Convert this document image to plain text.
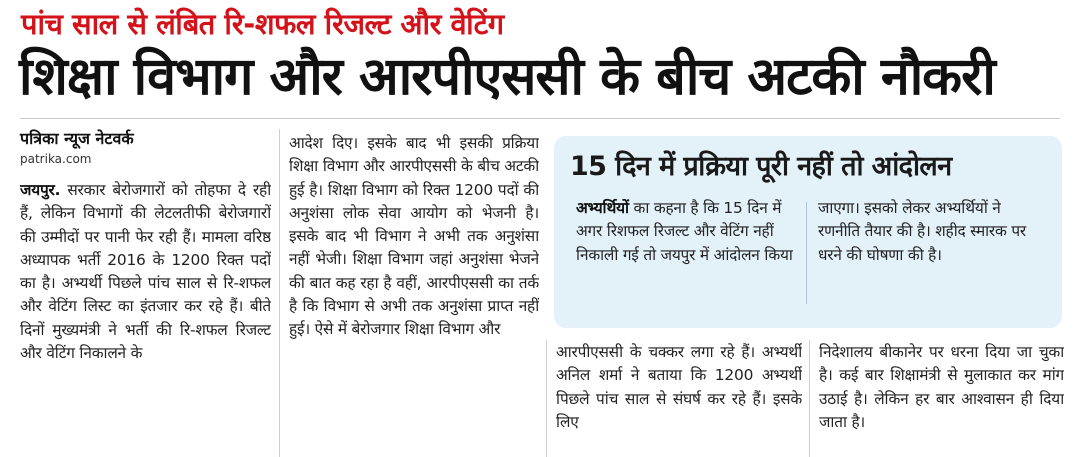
पांच साल से लंबित रि-शफल रिजल्ट और वेटिंग
शिक्षा विभाग और आरपीएससी के बीच अटकी नौकरी
पत्रिका न्यूज नेटवर्क
patrika.com
जयपुर. सरकार बेरोजगारों को तोहफा दे रही हैं, लेकिन विभागों की लेटलतीफी बेरोजगारों की उम्मीदों पर पानी फेर रही हैं। मामला वरिष्ठ अध्यापक भर्ती 2016 के 1200 रिक्त पदों का है। अभ्यर्थी पिछले पांच साल से रि-शफल और वेटिंग लिस्ट का इंतजार कर रहे हैं। बीते दिनों मुख्यमंत्री ने भर्ती की रि-शफल रिजल्ट और वेटिंग निकालने के
आदेश दिए। इसके बाद भी इसकी प्रक्रिया शिक्षा विभाग और आरपीएससी के बीच अटकी हुई है। शिक्षा विभाग को रिक्त 1200 पदों की अनुशंसा लोक सेवा आयोग को भेजनी है। इसके बाद भी विभाग ने अभी तक अनुशंसा नहीं भेजी। शिक्षा विभाग जहां अनुशंसा भेजने की बात कह रहा है वहीं, आरपीएससी का तर्क है कि विभाग से अभी तक अनुशंसा प्राप्त नहीं हुई। ऐसे में बेरोजगार शिक्षा विभाग और
15 दिन में प्रक्रिया पूरी नहीं तो आंदोलन
अभ्यर्थियों का कहना है कि 15 दिन में अगर रिशफल रिजल्ट और वेटिंग नहीं निकाली गई तो जयपुर में आंदोलन किया
जाएगा। इसको लेकर अभ्यर्थियों ने रणनीति तैयार की है। शहीद स्मारक पर धरने की घोषणा की है।
आरपीएससी के चक्कर लगा रहे हैं। अभ्यर्थी अनिल शर्मा ने बताया कि 1200 अभ्यर्थी पिछले पांच साल से संघर्ष कर रहे हैं। इसके लिए
निदेशालय बीकानेर पर धरना दिया जा चुका है। कई बार शिक्षामंत्री से मुलाकात कर मांग उठाई है। लेकिन हर बार आश्वासन ही दिया जाता है।
